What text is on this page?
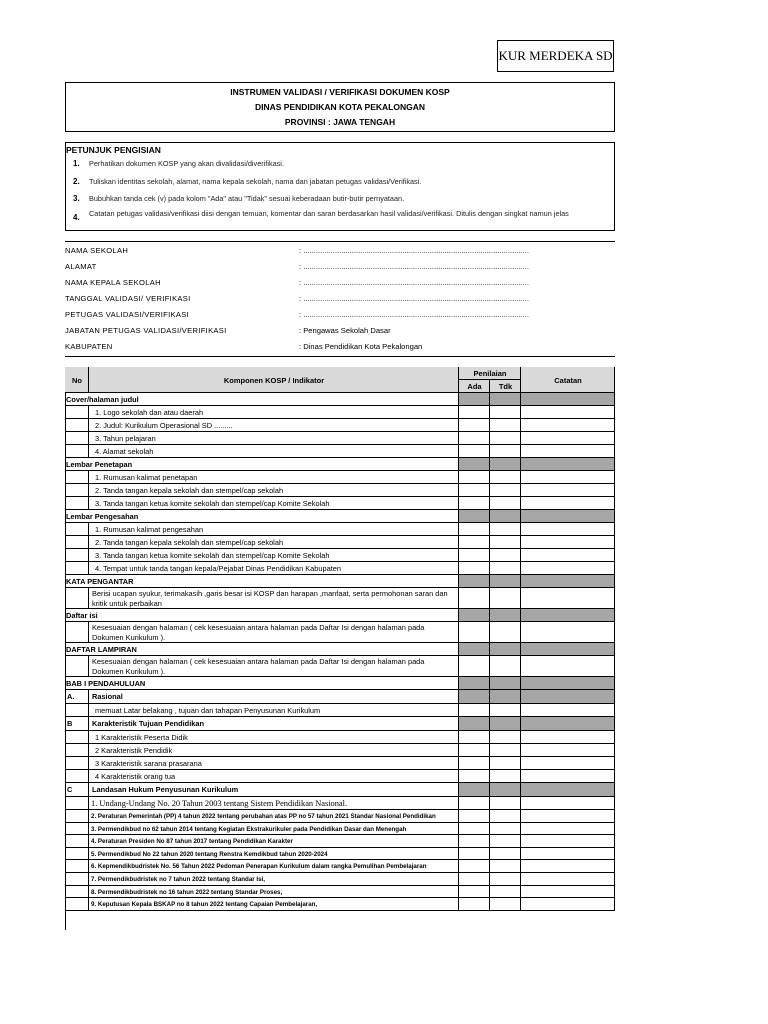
KUR MERDEKA SD
INSTRUMEN VALIDASI / VERIFIKASI DOKUMEN KOSP
DINAS PENDIDIKAN KOTA PEKALONGAN
PROVINSI : JAWA TENGAH
PETUNJUK PENGISIAN
1. Perhatikan dokumen KOSP yang akan divalidasi/diverifikasi.
2. Tuliskan identitas sekolah, alamat, nama kepala sekolah, nama dan jabatan petugas validasi/Verifikasi.
3. Bubuhkan tanda cek (v) pada kolom "Ada" atau "Tidak" sesuai keberadaan butir-butir pernyataan.
4. Catatan petugas validasi/verifikasi diisi dengan temuan, komentar dan saran berdasarkan hasil validasi/verifikasi. Ditulis dengan singkat namun jelas
NAMA SEKOLAH	: ...........................................................................................................
ALAMAT	: ...........................................................................................................
NAMA KEPALA SEKOLAH	: ...........................................................................................................
TANGGAL VALIDASI/ VERIFIKASI	: ...........................................................................................................
PETUGAS VALIDASI/VERIFIKASI	: ...........................................................................................................
JABATAN PETUGAS VALIDASI/VERIFIKASI	: Pengawas Sekolah Dasar
KABUPATEN	: Dinas Pendidikan Kota Pekalongan
No	Komponen KOSP / Indikator
Penilaian
Ada	Tdk
Catatan
Cover/halaman judul
1. Logo sekolah dan atau daerah
2. Judul: Kurikulum Operasional SD .........
3. Tahun pelajaran
4. Alamat sekolah
Lembar Penetapan
1. Rumusan kalimat penetapan
2. Tanda tangan kepala sekolah dan stempel/cap sekolah
3. Tanda tangan ketua komite sekolah dan stempel/cap Komite Sekolah
Lembar Pengesahan
1. Rumusan kalimat pengesahan
2. Tanda tangan kepala sekolah dan stempel/cap sekolah
3. Tanda tangan ketua komite sekolah dan stempel/cap Komite Sekolah
4. Tempat untuk tanda tangan kepala/Pejabat Dinas Pendidikan Kabupaten
KATA PENGANTAR
Berisi ucapan syukur, terimakasih ,garis besar isi KOSP dan harapan ,manfaat, serta permohonan saran dan kritik untuk perbaikan
Daftar isi
Kesesuaian dengan halaman ( cek kesesuaian antara halaman pada Daftar Isi dengan halaman pada Dokumen Kurikulum ).
DAFTAR LAMPIRAN
Kesesuaian dengan halaman ( cek kesesuaian antara halaman pada Daftar Isi dengan halaman pada Dokumen Kurikulum ).
BAB I PENDAHULUAN
A. Rasional
memuat Latar belakang , tujuan dan tahapan Penyusunan Kurikulum
B	Karakteristik Tujuan Pendidikan
1 Karakteristik Peserta Didik
2 Karakteristik Pendidik
3 Karakteristik sarana prasarana
4 Karakteristik orang tua
C	Landasan Hukum Penyusunan Kurikulum
1. Undang-Undang No. 20 Tahun 2003 tentang Sistem Pendidikan Nasional.
2. Peraturan Pemerintah (PP) 4 tahun 2022 tentang perubahan atas PP no 57 tahun 2021 Standar Nasional Pendidikan
3. Permendikbud no 62 tahun 2014 tentang Kegiatan Ekstrakurikuler pada Pendidikan Dasar dan Menengah
4. Peraturan Presiden No 87 tahun 2017 tentang Pendidikan Karakter
5. Permendikbud No 22 tahun 2020 tentang Renstra Kemdikbud tahun 2020-2024
6. Kepmendikbudristek No. 56 Tahun 2022 Pedoman Penerapan Kurikulum dalam rangka Pemulihan Pembelajaran
7. Permendikbudristek no 7 tahun 2022 tentang Standar Isi,
8. Permendikbudristek no 16 tahun 2022 tentang Standar Proses,
9. Keputusan Kepala BSKAP no 8 tahun 2022 tentang Capaian Pembelajaran,
